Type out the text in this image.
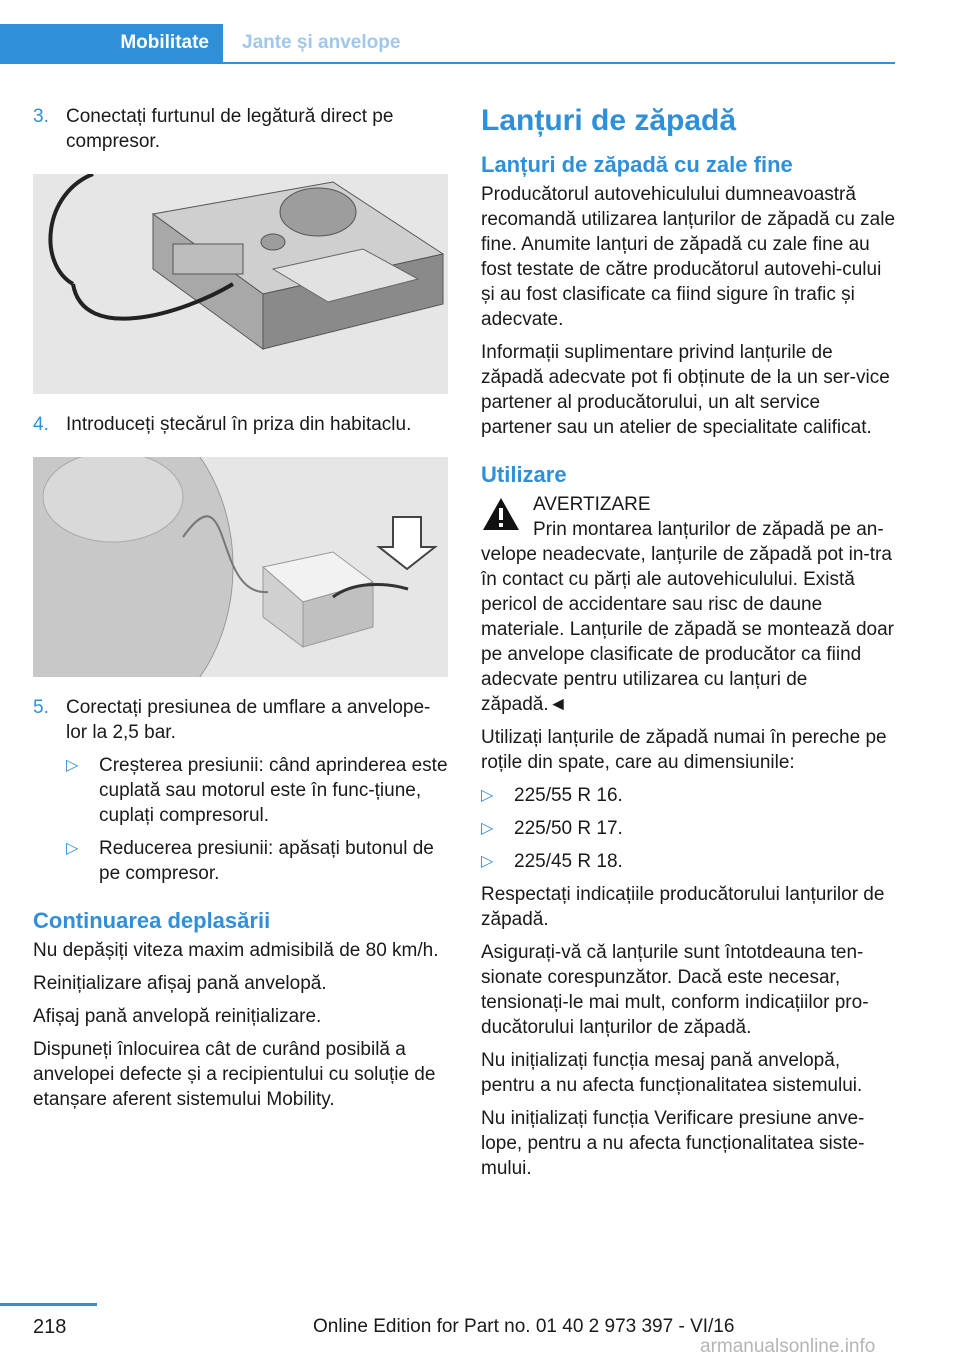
Mobilitate	Jante și anvelope
3. Conectați furtunul de legătură direct pe compresor.
4. Introduceți ștecărul în priza din habitaclu.
5. Corectați presiunea de umflare a anvelope-lor la 2,5 bar.
▷ Creșterea presiunii: când aprinderea este cuplată sau motorul este în func-țiune, cuplați compresorul.
▷ Reducerea presiunii: apăsați butonul de pe compresor.
Continuarea deplasării

Nu depășiți viteza maxim admisibilă de 80 km/h.

Reinițializare afișaj pană anvelopă.

Afișaj pană anvelopă reinițializare.

Dispuneți înlocuirea cât de curând posibilă a anvelopei defecte și a recipientului cu soluție de etanșare aferent sistemului Mobility.

Lanțuri de zăpadă
Lanțuri de zăpadă cu zale fine

Producătorul autovehiculului dumneavoastră recomandă utilizarea lanțurilor de zăpadă cu zale fine. Anumite lanțuri de zăpadă cu zale fine au fost testate de către producătorul autovehi-cului și au fost clasificate ca fiind sigure în trafic și adecvate.

Informații suplimentare privind lanțurile de zăpadă adecvate pot fi obținute de la un ser-vice partener al producătorului, un alt service partener sau un atelier de specialitate calificat.

Utilizare
AVERTIZARE
Prin montarea lanțurilor de zăpadă pe an-

velope neadecvate, lanțurile de zăpadă pot in-tra în contact cu părți ale autovehiculului. Există pericol de accidentare sau risc de daune materiale. Lanțurile de zăpadă se montează doar pe anvelope clasificate de producător ca fiind adecvate pentru utilizarea cu lanțuri de zăpadă.◄

Utilizați lanțurile de zăpadă numai în pereche pe roțile din spate, care au dimensiunile:

▷ 225/55 R 16.
▷ 225/50 R 17.
▷ 225/45 R 18.

Respectați indicațiile producătorului lanțurilor de zăpadă.

Asigurați-vă că lanțurile sunt întotdeauna ten-sionate corespunzător. Dacă este necesar, tensionați-le mai mult, conform indicațiilor pro-ducătorului lanțurilor de zăpadă.

Nu inițializați funcția mesaj pană anvelopă, pentru a nu afecta funcționalitatea sistemului.

Nu inițializați funcția Verificare presiune anve-lope, pentru a nu afecta funcționalitatea siste-mului.

218	Online Edition for Part no. 01 40 2 973 397 - VI/16
armanualsonline.info
